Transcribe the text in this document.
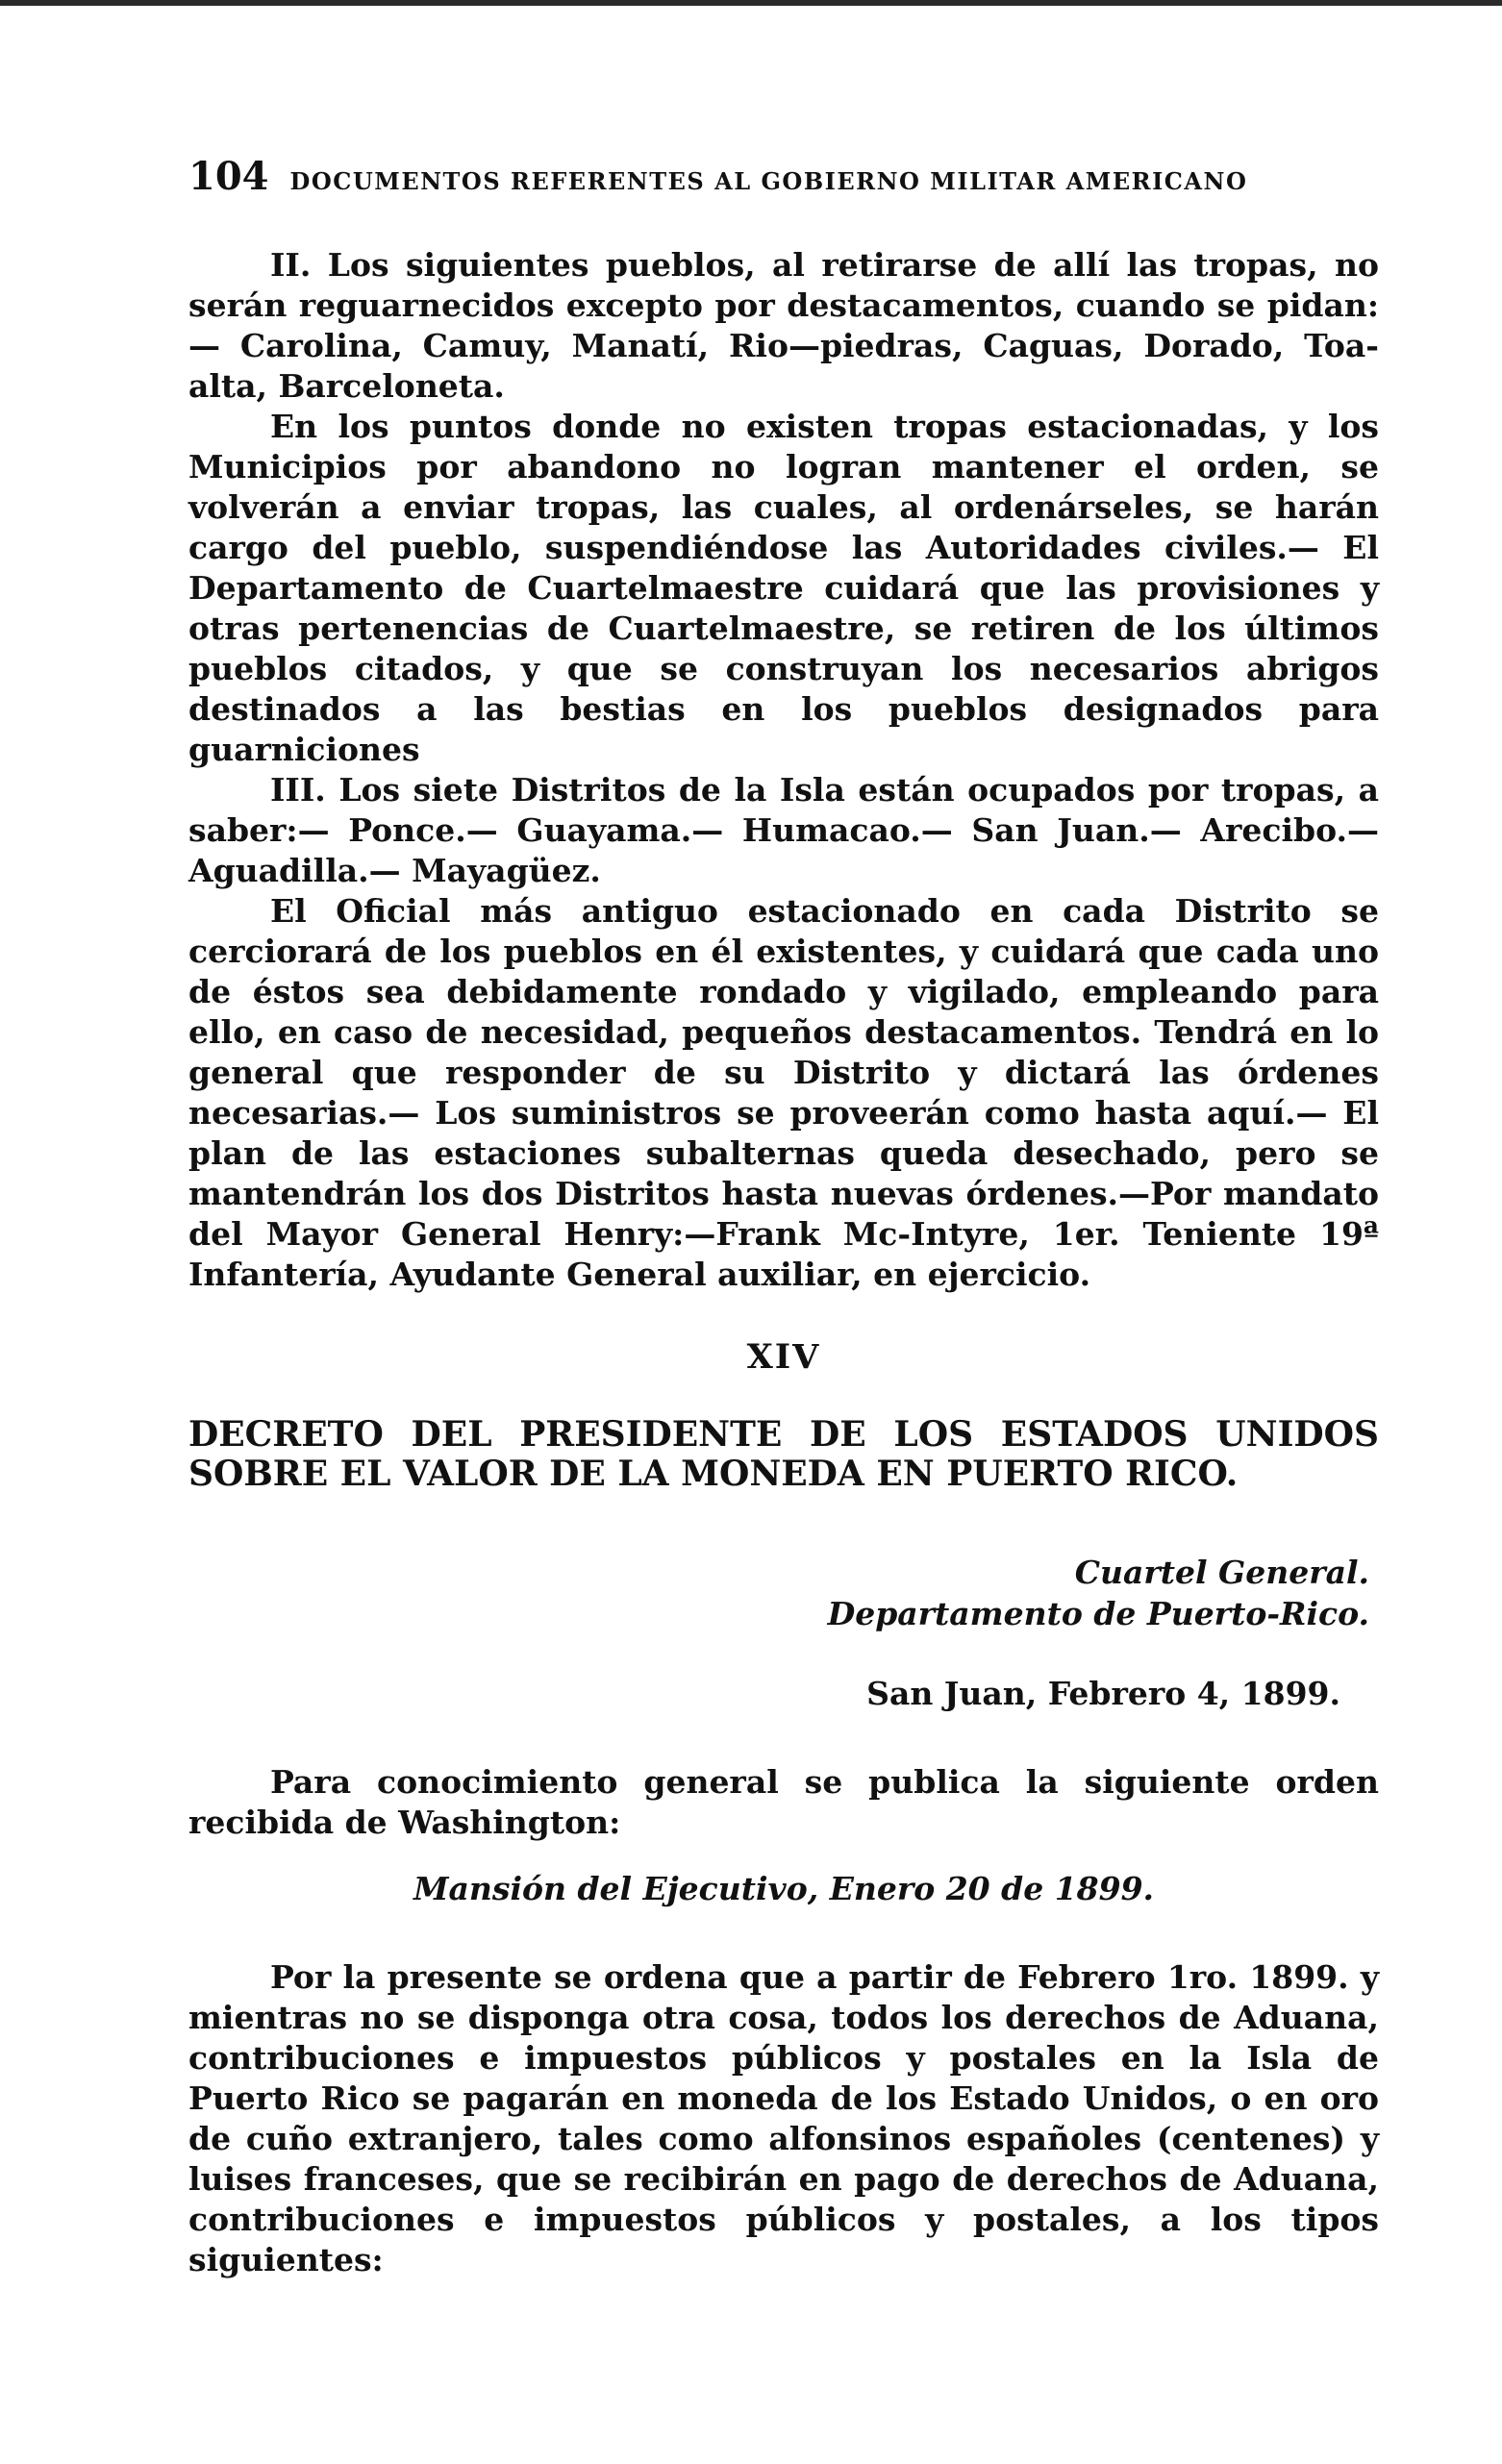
104 DOCUMENTOS REFERENTES AL GOBIERNO MILITAR AMERICANO

II. Los siguientes pueblos, al retirarse de allí las tropas, no serán reguarnecidos excepto por destacamentos, cuando se pidan:— Carolina, Camuy, Manatí, Rio—piedras, Caguas, Dorado, Toa-alta, Barceloneta.

En los puntos donde no existen tropas estacionadas, y los Municipios por abandono no logran mantener el orden, se volverán a enviar tropas, las cuales, al ordenárseles, se harán cargo del pueblo, suspendiéndose las Autoridades civiles.— El Departamento de Cuartelmaestre cuidará que las provisiones y otras pertenencias de Cuartelmaestre, se retiren de los últimos pueblos citados, y que se construyan los necesarios abrigos destinados a las bestias en los pueblos designados para guarniciones

III. Los siete Distritos de la Isla están ocupados por tropas, a saber:— Ponce.— Guayama.— Humacao.— San Juan.— Arecibo.— Aguadilla.— Mayagüez.

El Oficial más antiguo estacionado en cada Distrito se cerciorará de los pueblos en él existentes, y cuidará que cada uno de éstos sea debidamente rondado y vigilado, empleando para ello, en caso de necesidad, pequeños destacamentos. Tendrá en lo general que responder de su Distrito y dictará las órdenes necesarias.— Los suministros se proveerán como hasta aquí.— El plan de las estaciones subalternas queda desechado, pero se mantendrán los dos Distritos hasta nuevas órdenes.—Por mandato del Mayor General Henry:—Frank Mc-Intyre, 1er. Teniente 19ª Infantería, Ayudante General auxiliar, en ejercicio.

XIV
DECRETO DEL PRESIDENTE DE LOS ESTADOS UNIDOS SOBRE EL VALOR DE LA MONEDA EN PUERTO RICO.
Cuartel General.
Departamento de Puerto-Rico.
San Juan, Febrero 4, 1899.

Para conocimiento general se publica la siguiente orden recibida de Washington:

Mansión del Ejecutivo, Enero 20 de 1899.

Por la presente se ordena que a partir de Febrero 1ro. 1899. y mientras no se disponga otra cosa, todos los derechos de Aduana, contribuciones e impuestos públicos y postales en la Isla de Puerto Rico se pagarán en moneda de los Estado Unidos, o en oro de cuño extranjero, tales como alfonsinos españoles (centenes) y luises franceses, que se recibirán en pago de derechos de Aduana, contribuciones e impuestos públicos y postales, a los tipos siguientes:
